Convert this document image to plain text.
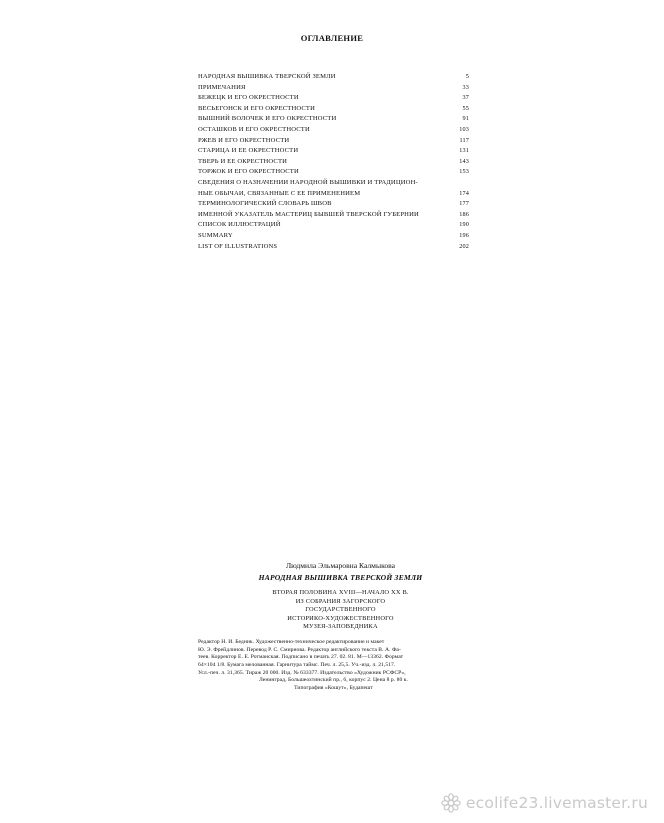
ОГЛАВЛЕНИЕ
НАРОДНАЯ ВЫШИВКА ТВЕРСКОЙ ЗЕМЛИ	5
ПРИМЕЧАНИЯ	33
БЕЖЕЦК И ЕГО ОКРЕСТНОСТИ	37
ВЕСЬЕГОНСК И ЕГО ОКРЕСТНОСТИ	55
ВЫШНИЙ ВОЛОЧЕК И ЕГО ОКРЕСТНОСТИ	91
ОСТАШКОВ И ЕГО ОКРЕСТНОСТИ	103
РЖЕВ И ЕГО ОКРЕСТНОСТИ	117
СТАРИЦА И ЕЕ ОКРЕСТНОСТИ	131
ТВЕРЬ И ЕЕ ОКРЕСТНОСТИ	143
ТОРЖОК И ЕГО ОКРЕСТНОСТИ	153
СВЕДЕНИЯ О НАЗНАЧЕНИИ НАРОДНОЙ ВЫШИВКИ И ТРАДИЦИОН-
НЫЕ ОБЫЧАИ, СВЯЗАННЫЕ С ЕЕ ПРИМЕНЕНИЕМ	174
ТЕРМИНОЛОГИЧЕСКИЙ СЛОВАРЬ ШВОВ	177
ИМЕННОЙ УКАЗАТЕЛЬ МАСТЕРИЦ БЫВШЕЙ ТВЕРСКОЙ ГУБЕРНИИ	186
СПИСОК ИЛЛЮСТРАЦИЙ	190
SUMMARY	196
LIST OF ILLUSTRATIONS	202
Людмила Эльмаровна Калмыкова
НАРОДНАЯ ВЫШИВКА ТВЕРСКОЙ ЗЕМЛИ
ВТОРАЯ ПОЛОВИНА XVIII—НАЧАЛО XX В.
ИЗ СОБРАНИЯ ЗАГОРСКОГО
ГОСУДАРСТВЕННОГО
ИСТОРИКО-ХУДОЖЕСТВЕННОГО
МУЗЕЯ-ЗАПОВЕДНИКА
Редактор Н. И. Бедник. Художественно-техническое редактирование и макет
Ю. Э. Фрейдлинов. Перевод Р. С. Смирнова. Редактор английского текста В. А. Фа-
теев. Корректор Е. Е. Ротманская. Подписано в печать 27. 02. 81. М—13362. Формат
64×104 1/8. Бумага мелованная. Гарнитура таймс. Печ. л. 25,5. Уч.-изд. л. 21,517.
Усл.-печ. л. 31,365. Тираж 20 000. Изд. № 633377. Издательство «Художник РСФСР»,
Ленинград, Большеохтинский пр., 6, корпус 2. Цена 8 р. 80 к.
Типография «Кошут», Будапешт
ecolife23.livemaster.ru
